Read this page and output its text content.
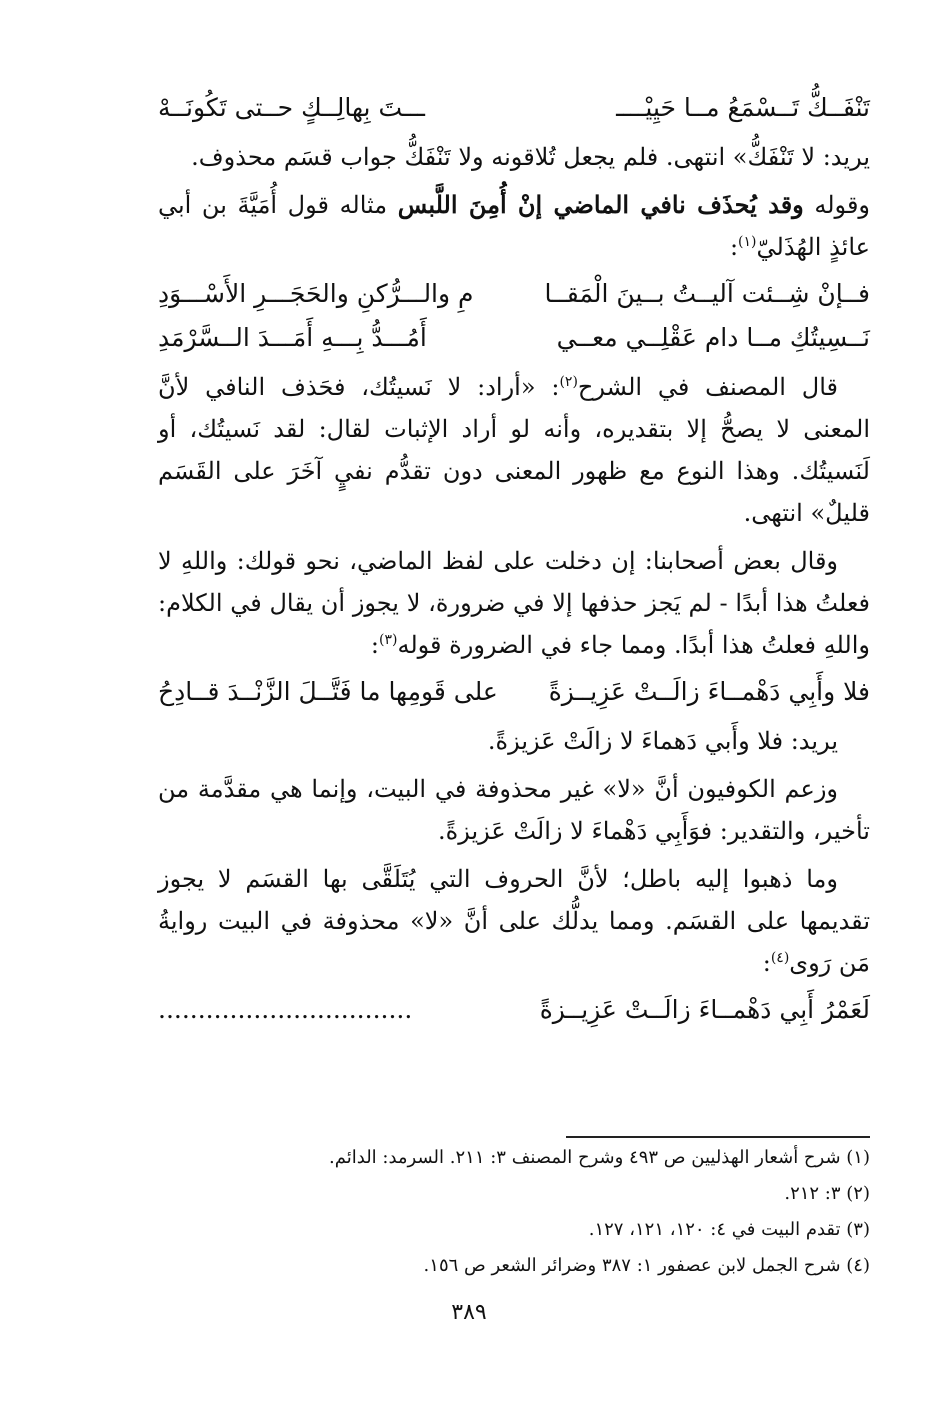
تَنْفَــكُّ تَــسْمَعُ مــا حَيِيْــــ
ـــتَ بِهالِــكٍ حــتى تَكُونَــهْ

يريد: لا تَنْفَكُّ» انتهى. فلم يجعل تُلاقونه ولا تَنْفَكُّ جواب قسَم محذوف.

وقوله وقد يُحذَف نافي الماضي إنْ أُمِنَ اللَّبس مثاله قول أُمَيَّةَ بن أبي عائذٍ الهُذَليّ$^{(١)}$:

فــإنْ شِــئت آليــتُ بــينَ الْمَقــا
مِ والـــرُّكنِ والحَجَـــرِ الأَسْـــوَدِ
نَــسِيتُكِ مــا دام عَقْلِــي معــي
أَمُـــدُّ بِـــهِ أَمَـــدَ الــسَّرْمَدِ

قال المصنف في الشرح$^{(٢)}$: «أراد: لا نَسيتُك، فحَذف النافي لأنَّ المعنى لا يصحُّ إلا بتقديره، وأنه لو أراد الإثبات لقال: لقد نَسيتُك، أو لَنَسيتُك. وهذا النوع مع ظهور المعنى دون تقدُّم نفيٍ آخَرَ على القَسَم قليلٌ» انتهى.

وقال بعض أصحابنا: إن دخلت على لفظ الماضي، نحو قولك: واللهِ لا فعلتُ هذا أبدًا - لم يَجز حذفها إلا في ضرورة، لا يجوز أن يقال في الكلام: واللهِ فعلتُ هذا أبدًا. ومما جاء في الضرورة قوله$^{(٣)}$:

فلا وأَبِي دَهْمــاءَ زالَــتْ عَزِيــزةً
على قَومِها ما فَتَّــلَ الزَّنْــدَ قــادِحُ

يريد: فلا وأَبي دَهماءَ لا زالَتْ عَزيزةً.

وزعم الكوفيون أنَّ «لا» غير محذوفة في البيت، وإنما هي مقدَّمة من تأخير، والتقدير: فوَأَبِي دَهْماءَ لا زالَتْ عَزيزةً.

وما ذهبوا إليه باطل؛ لأنَّ الحروف التي يُتَلَقَّى بها القسَم لا يجوز تقديمها على القسَم. ومما يدلُّك على أنَّ «لا» محذوفة في البيت روايةُ مَن رَوى$^{(٤)}$:

لَعَمْرُ أَبِي دَهْمــاءَ زالَــتْ عَزِيــزةً
................................
(١) شرح أشعار الهذليين ص ٤٩٣ وشرح المصنف ٣: ٢١١. السرمد: الدائم.
(٢) ٣: ٢١٢.
(٣) تقدم البيت في ٤: ١٢٠، ١٢١، ١٢٧.
(٤) شرح الجمل لابن عصفور ١: ٣٨٧ وضرائر الشعر ص ١٥٦.
٣٨٩
